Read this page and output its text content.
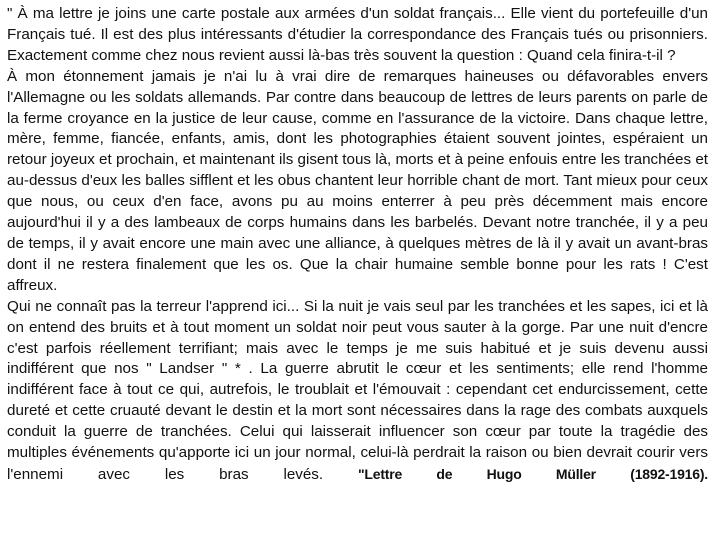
" À ma lettre je joins une carte postale aux armées d'un soldat français... Elle vient du portefeuille d'un Français tué. Il est des plus intéressants d'étudier la correspondance des Français tués ou prisonniers. Exactement comme chez nous revient aussi là-bas très souvent la question : Quand cela finira-t-il ?

À mon étonnement jamais je n'ai lu à vrai dire de remarques haineuses ou défavorables envers l'Allemagne ou les soldats allemands. Par contre dans beaucoup de lettres de leurs parents on parle de la ferme croyance en la justice de leur cause, comme en l'assurance de la victoire. Dans chaque lettre, mère, femme, fiancée, enfants, amis, dont les photographies étaient souvent jointes, espéraient un retour joyeux et prochain, et maintenant ils gisent tous là, morts et à peine enfouis entre les tranchées et au-dessus d'eux les balles sifflent et les obus chantent leur horrible chant de mort. Tant mieux pour ceux que nous, ou ceux d'en face, avons pu au moins enterrer à peu près décemment mais encore aujourd'hui il y a des lambeaux de corps humains dans les barbelés. Devant notre tranchée, il y a peu de temps, il y avait encore une main avec une alliance, à quelques mètres de là il y avait un avant-bras dont il ne restera finalement que les os. Que la chair humaine semble bonne pour les rats ! C'est affreux.

Qui ne connaît pas la terreur l'apprend ici... Si la nuit je vais seul par les tranchées et les sapes, ici et là on entend des bruits et à tout moment un soldat noir peut vous sauter à la gorge. Par une nuit d'encre c'est parfois réellement terrifiant; mais avec le temps je me suis habitué et je suis devenu aussi indifférent que nos " Landser " * . La guerre abrutit le cœur et les sentiments; elle rend l'homme indifférent face à tout ce qui, autrefois, le troublait et l'émouvait : cependant cet endurcissement, cette dureté et cette cruauté devant le destin et la mort sont nécessaires dans la rage des combats auxquels conduit la guerre de tranchées. Celui qui laisserait influencer son cœur par toute la tragédie des multiples événements qu'apporte ici un jour normal, celui-là perdrait la raison ou bien devrait courir vers l'ennemi avec les bras levés. "Lettre de Hugo Müller (1892-1916).
